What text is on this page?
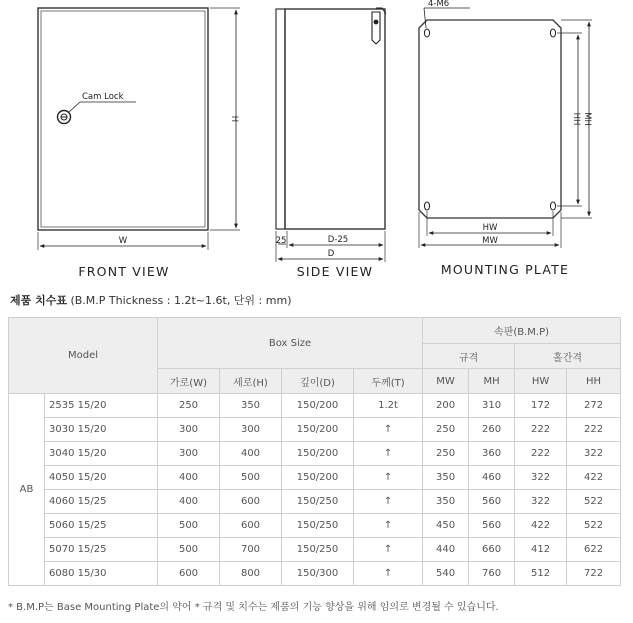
W
H
Cam Lock
FRONT VIEW
25	D-25
D
SIDE VIEW
4-M6
HW
MW
HH MH
MOUNTING PLATE
제품 치수표 (B.M.P Thickness : 1.2t~1.6t, 단위 : mm)
Model		Box Size				속판(B.M.P)			
						규격		홀간격	
		가로(W)	세로(H)	깊이(D)	두께(T)	MW	MH	HW	HH
AB	2535 15/20	250	350	150/200	1.2t	200	310	172	272
	3030 15/20	300	300	150/200	↑	250	260	222	222
	3040 15/20	300	400	150/200	↑	250	360	222	322
	4050 15/20	400	500	150/200	↑	350	460	322	422
	4060 15/25	400	600	150/250	↑	350	560	322	522
	5060 15/25	500	600	150/250	↑	450	560	422	522
	5070 15/25	500	700	150/250	↑	440	660	412	622
	6080 15/30	600	800	150/300	↑	540	760	512	722
* B.M.P는 Base Mounting Plate의 약어 * 규격 및 치수는 제품의 기능 향상을 위해 임의로 변경될 수 있습니다.
